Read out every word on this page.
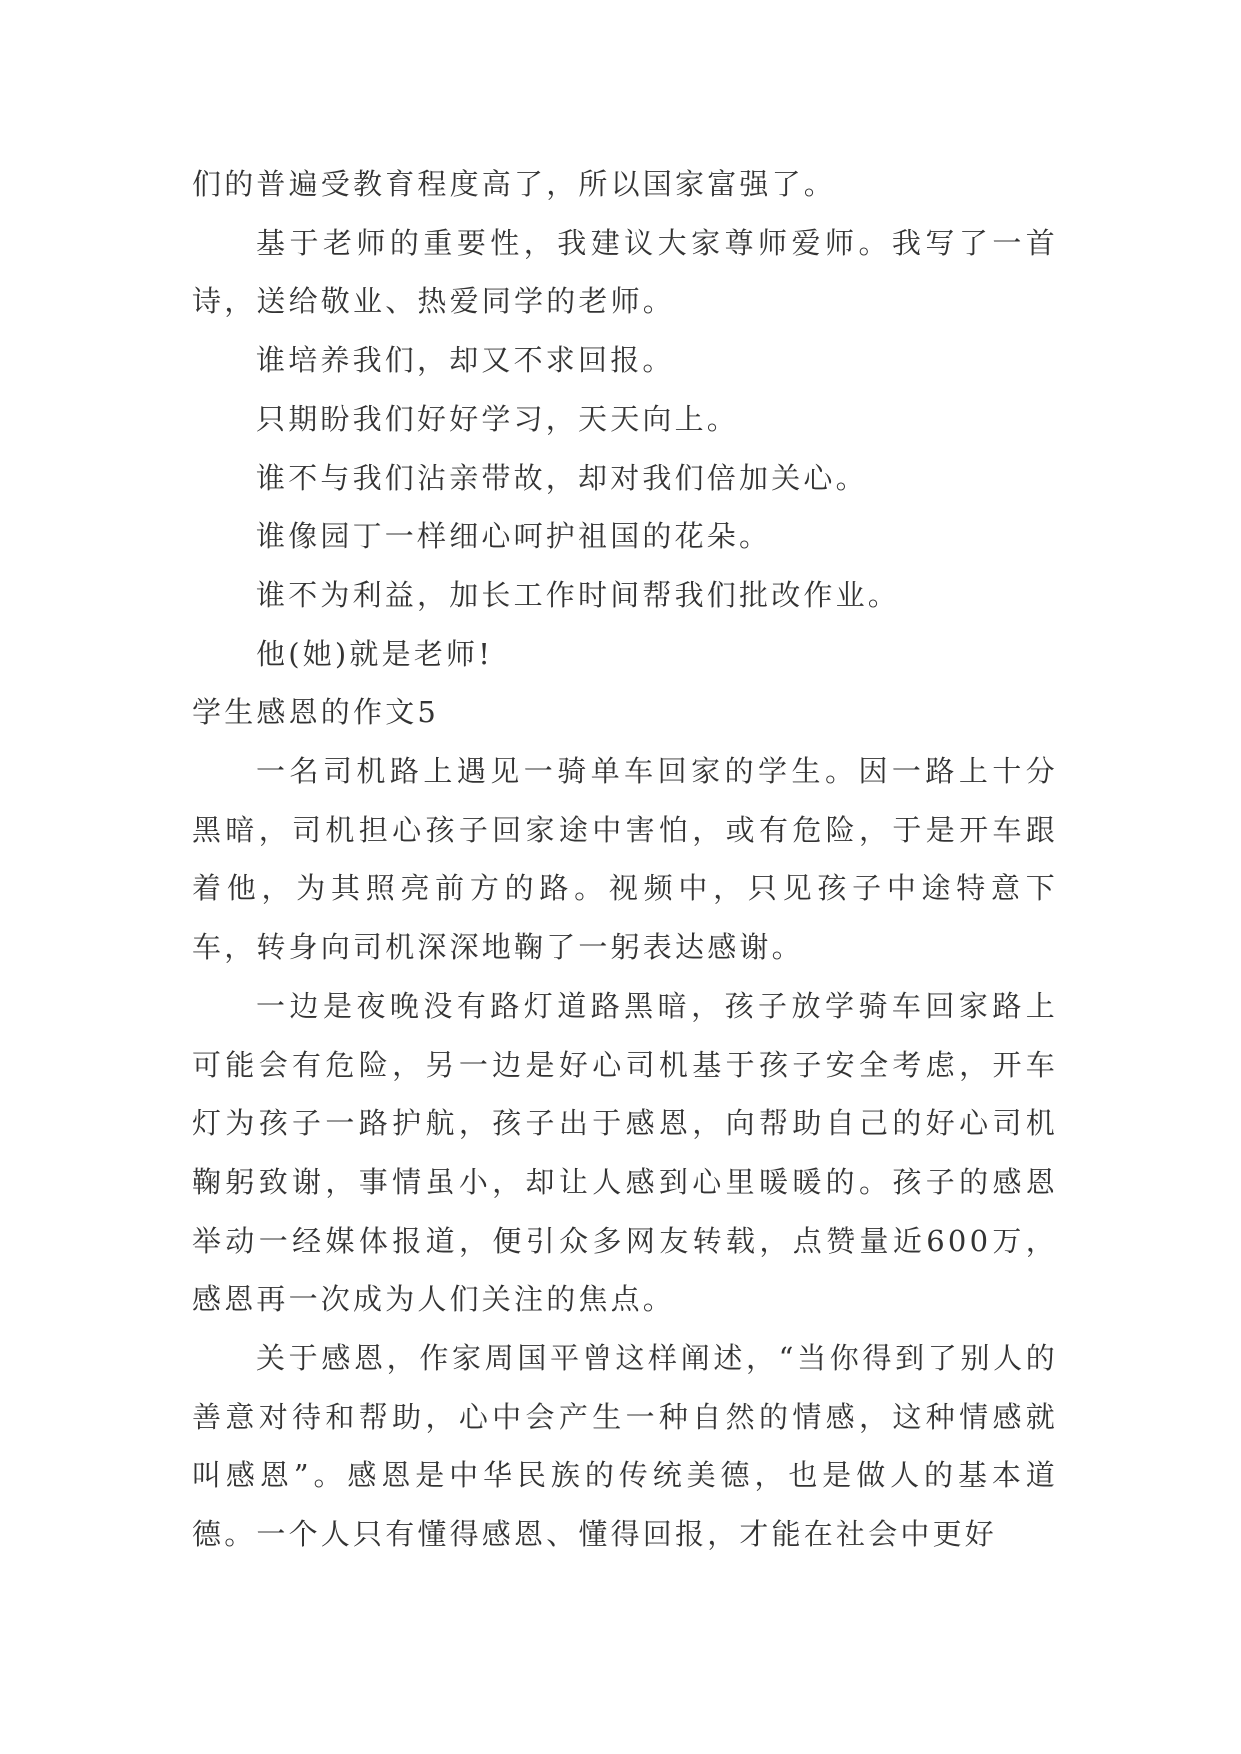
们的普遍受教育程度高了，所以国家富强了。

基于老师的重要性，我建议大家尊师爱师。我写了一首诗，送给敬业、热爱同学的老师。

谁培养我们，却又不求回报。

只期盼我们好好学习，天天向上。

谁不与我们沾亲带故，却对我们倍加关心。

谁像园丁一样细心呵护祖国的花朵。

谁不为利益，加长工作时间帮我们批改作业。

他(她)就是老师!

学生感恩的作文5

一名司机路上遇见一骑单车回家的学生。因一路上十分黑暗，司机担心孩子回家途中害怕，或有危险，于是开车跟着他，为其照亮前方的路。视频中，只见孩子中途特意下车，转身向司机深深地鞠了一躬表达感谢。

一边是夜晚没有路灯道路黑暗，孩子放学骑车回家路上可能会有危险，另一边是好心司机基于孩子安全考虑，开车灯为孩子一路护航，孩子出于感恩，向帮助自己的好心司机鞠躬致谢，事情虽小，却让人感到心里暖暖的。孩子的感恩举动一经媒体报道，便引众多网友转载，点赞量近600万，感恩再一次成为人们关注的焦点。

关于感恩，作家周国平曾这样阐述，“当你得到了别人的善意对待和帮助，心中会产生一种自然的情感，这种情感就叫感恩”。感恩是中华民族的传统美德，也是做人的基本道德。一个人只有懂得感恩、懂得回报，才能在社会中更好
